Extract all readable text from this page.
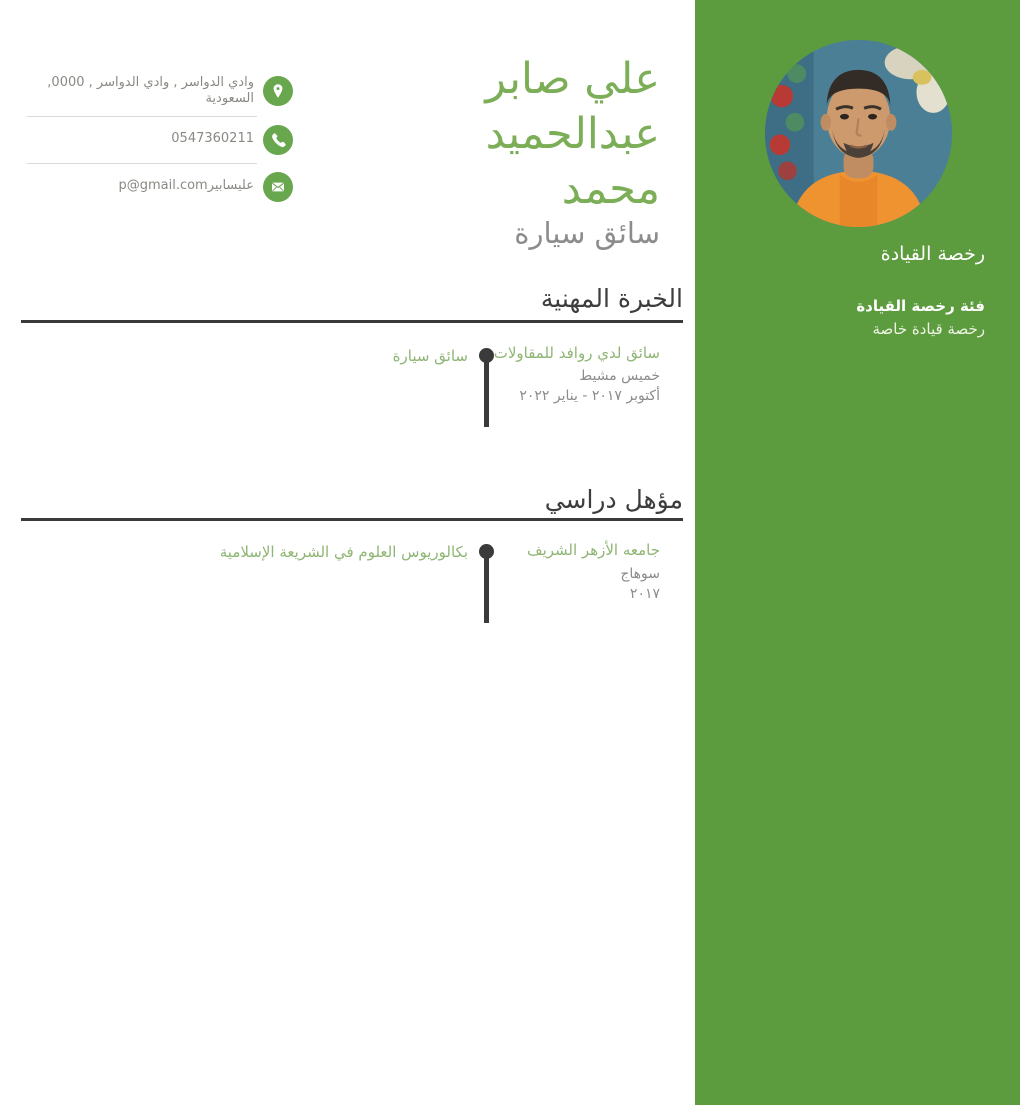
وادي الدواسر , وادي الدواسر , 0000, السعودية
0547360211
عليسابيرp@gmail.com
علي صابر عبدالحميد محمد
سائق سيارة
الخبرة المهنية
سائق لدي روافد للمقاولات
خميس مشيط
أكتوبر ٢٠١٧ - يناير ٢٠٢٢
سائق سيارة
مؤهل دراسي
جامعه الأزهر الشريف
سوهاج
٢٠١٧
بكالوريوس العلوم في الشريعة الإسلامية
رخصة القيادة
فئة رخصة القيادة
رخصة قيادة خاصة
